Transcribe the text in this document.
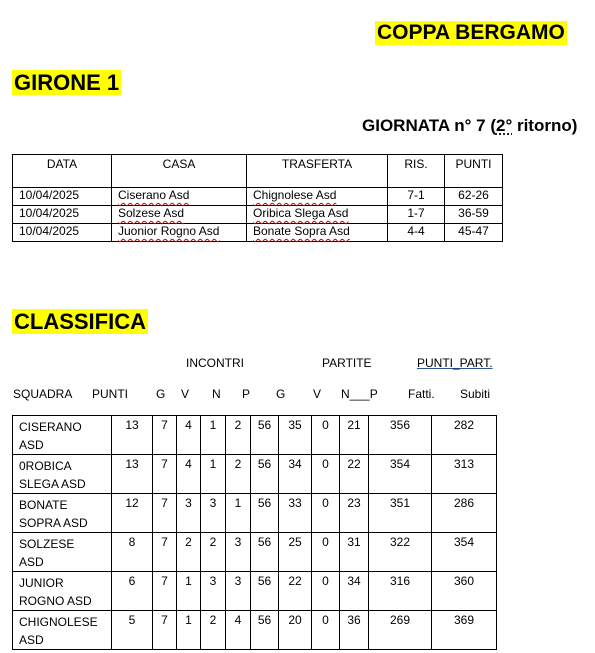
COPPA BERGAMO
GIRONE 1
GIORNATA n° 7 (2° ritorno)
DATA	CASA	TRASFERTA	RIS.	PUNTI
10/04/2025	Ciserano Asd	Chignolese Asd	7-1	62-26
10/04/2025	Solzese Asd	Oribica Slega Asd	1-7	36-59
10/04/2025	Juonior Rogno Asd	Bonate Sopra Asd	4-4	45-47
CLASSIFICA
INCONTRI	PARTITE	PUNTI_PART.
SQUADRA PUNTI G V N P G V N___P	Fatti. Subiti
CISERANO
ASD	13	7	4	1	2	56	35	0	21	356	282
0ROBICA
SLEGA ASD	13	7	4	1	2	56	34	0	22	354	313
BONATE
SOPRA ASD	12	7	3	3	1	56	33	0	23	351	286
SOLZESE
ASD	8	7	2	2	3	56	25	0	31	322	354
JUNIOR
ROGNO ASD	6	7	1	3	3	56	22	0	34	316	360
CHIGNOLESE
ASD	5	7	1	2	4	56	20	0	36	269	369
